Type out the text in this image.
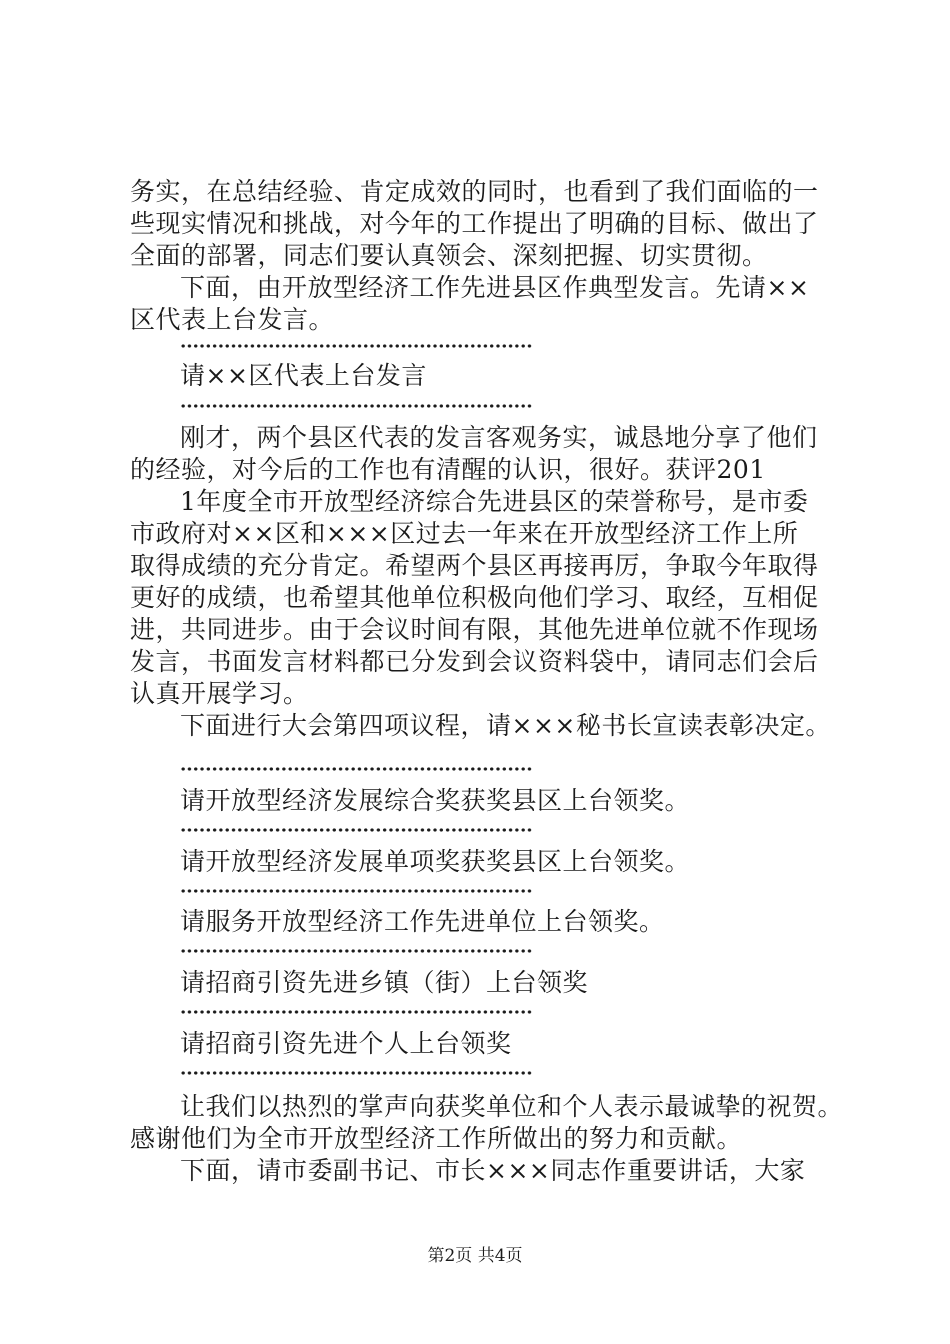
务实，在总结经验、肯定成效的同时，也看到了我们面临的一
些现实情况和挑战，对今年的工作提出了明确的目标、做出了
全面的部署，同志们要认真领会、深刻把握、切实贯彻。
下面，由开放型经济工作先进县区作典型发言。先请××
区代表上台发言。
请××区代表上台发言
刚才，两个县区代表的发言客观务实，诚恳地分享了他们
的经验，对今后的工作也有清醒的认识，很好。获评201
1年度全市开放型经济综合先进县区的荣誉称号，是市委
市政府对××区和×××区过去一年来在开放型经济工作上所
取得成绩的充分肯定。希望两个县区再接再厉，争取今年取得
更好的成绩，也希望其他单位积极向他们学习、取经，互相促
进，共同进步。由于会议时间有限，其他先进单位就不作现场
发言，书面发言材料都已分发到会议资料袋中，请同志们会后
认真开展学习。
下面进行大会第四项议程，请×××秘书长宣读表彰决定。
请开放型经济发展综合奖获奖县区上台领奖。
请开放型经济发展单项奖获奖县区上台领奖。
请服务开放型经济工作先进单位上台领奖。
请招商引资先进乡镇（街）上台领奖
请招商引资先进个人上台领奖
让我们以热烈的掌声向获奖单位和个人表示最诚挚的祝贺。
感谢他们为全市开放型经济工作所做出的努力和贡献。
下面，请市委副书记、市长×××同志作重要讲话，大家
第2页 共4页
